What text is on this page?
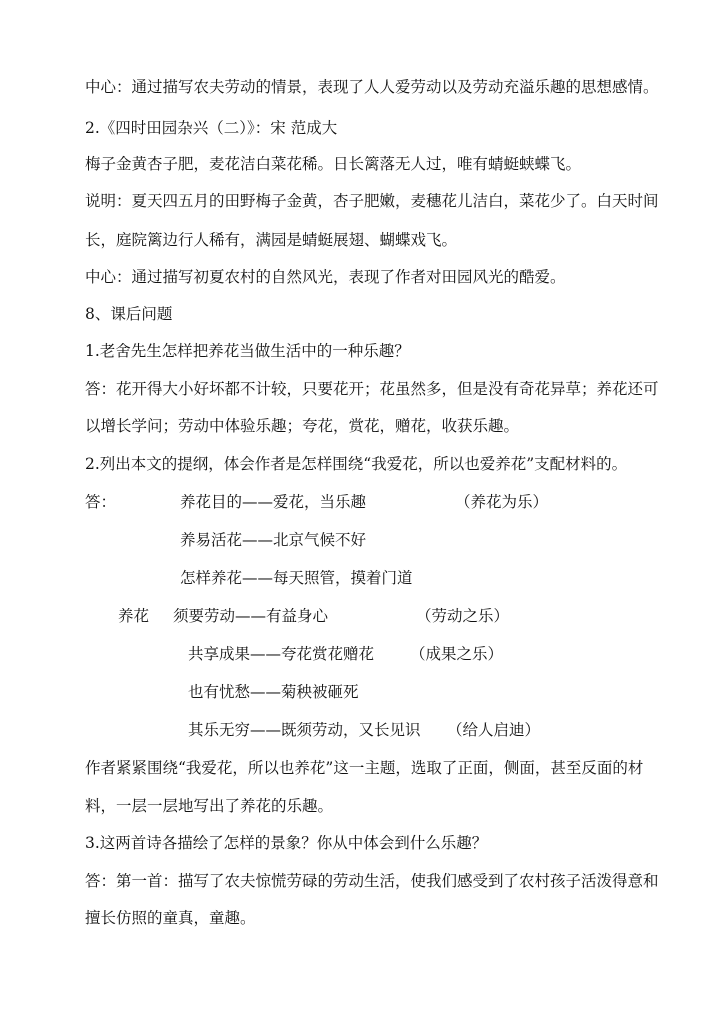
中心：通过描写农夫劳动的情景，表现了人人爱劳动以及劳动充溢乐趣的思想感情。
2.《四时田园杂兴（二）》：宋 范成大
梅子金黄杏子肥，麦花洁白菜花稀。日长篱落无人过，唯有蜻蜓蛱蝶飞。
说明：夏天四五月的田野梅子金黄，杏子肥嫩，麦穗花儿洁白，菜花少了。白天时间
长，庭院篱边行人稀有，满园是蜻蜓展翅、蝴蝶戏飞。
中心：通过描写初夏农村的自然风光，表现了作者对田园风光的酷爱。
8、课后问题
1.老舍先生怎样把养花当做生活中的一种乐趣？
答：花开得大小好坏都不计较，只要花开；花虽然多，但是没有奇花异草；养花还可
以增长学问；劳动中体验乐趣；夸花，赏花，赠花，收获乐趣。
2.列出本文的提纲，体会作者是怎样围绕“我爱花，所以也爱养花”支配材料的。
答：	养花目的——爱花，当乐趣	（养花为乐）
养易活花——北京气候不好
怎样养花——每天照管，摸着门道
养花 须要劳动——有益身心	（劳动之乐）
共享成果——夸花赏花赠花 （成果之乐）
也有忧愁——菊秧被砸死
其乐无穷——既须劳动，又长见识 （给人启迪）
作者紧紧围绕“我爱花，所以也养花”这一主题，选取了正面，侧面，甚至反面的材
料，一层一层地写出了养花的乐趣。
3.这两首诗各描绘了怎样的景象？你从中体会到什么乐趣？
答：第一首：描写了农夫惊慌劳碌的劳动生活，使我们感受到了农村孩子活泼得意和
擅长仿照的童真，童趣。
